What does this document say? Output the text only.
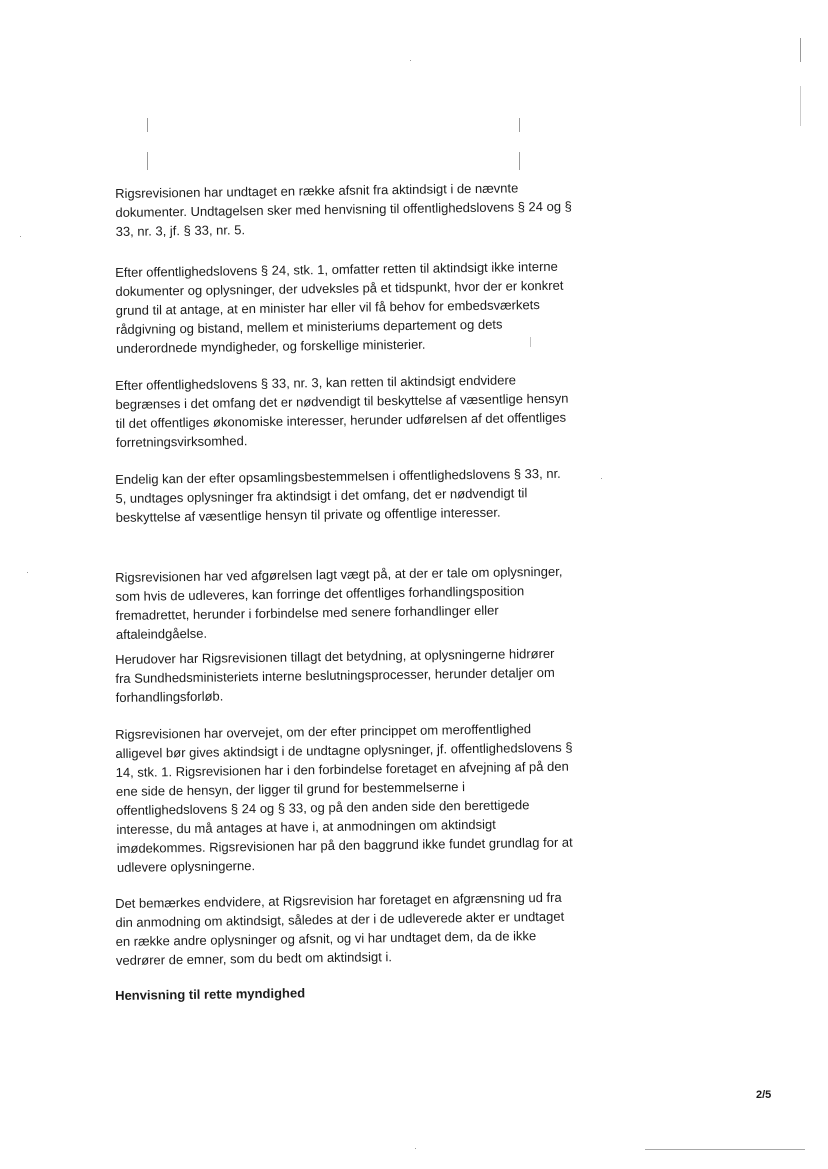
Rigsrevisionen har undtaget en række afsnit fra aktindsigt i de nævnte dokumenter. Undtagelsen sker med henvisning til offentlighedslovens § 24 og § 33, nr. 3, jf. § 33, nr. 5.

Efter offentlighedslovens § 24, stk. 1, omfatter retten til aktindsigt ikke interne dokumenter og oplysninger, der udveksles på et tidspunkt, hvor der er konkret grund til at antage, at en minister har eller vil få behov for embedsværkets rådgivning og bistand, mellem et ministeriums departement og dets underordnede myndigheder, og forskellige ministerier.

Efter offentlighedslovens § 33, nr. 3, kan retten til aktindsigt endvidere begrænses i det omfang det er nødvendigt til beskyttelse af væsentlige hensyn til det offentliges økonomiske interesser, herunder udførelsen af det offentliges forretningsvirksomhed.

Endelig kan der efter opsamlingsbestemmelsen i offentlighedslovens § 33, nr. 5, undtages oplysninger fra aktindsigt i det omfang, det er nødvendigt til beskyttelse af væsentlige hensyn til private og offentlige interesser.

Rigsrevisionen har ved afgørelsen lagt vægt på, at der er tale om oplysninger, som hvis de udleveres, kan forringe det offentliges forhandlingsposition fremadrettet, herunder i forbindelse med senere forhandlinger eller aftaleindgåelse.

Herudover har Rigsrevisionen tillagt det betydning, at oplysningerne hidrører fra Sundhedsministeriets interne beslutningsprocesser, herunder detaljer om forhandlingsforløb.

Rigsrevisionen har overvejet, om der efter princippet om meroffentlighed alligevel bør gives aktindsigt i de undtagne oplysninger, jf. offentlighedslovens § 14, stk. 1. Rigsrevisionen har i den forbindelse foretaget en afvejning af på den ene side de hensyn, der ligger til grund for bestemmelserne i offentlighedslovens § 24 og § 33, og på den anden side den berettigede interesse, du må antages at have i, at anmodningen om aktindsigt imødekommes. Rigsrevisionen har på den baggrund ikke fundet grundlag for at udlevere oplysningerne.

Det bemærkes endvidere, at Rigsrevision har foretaget en afgrænsning ud fra din anmodning om aktindsigt, således at der i de udleverede akter er undtaget en række andre oplysninger og afsnit, og vi har undtaget dem, da de ikke vedrører de emner, som du bedt om aktindsigt i.

Henvisning til rette myndighed
2/5
